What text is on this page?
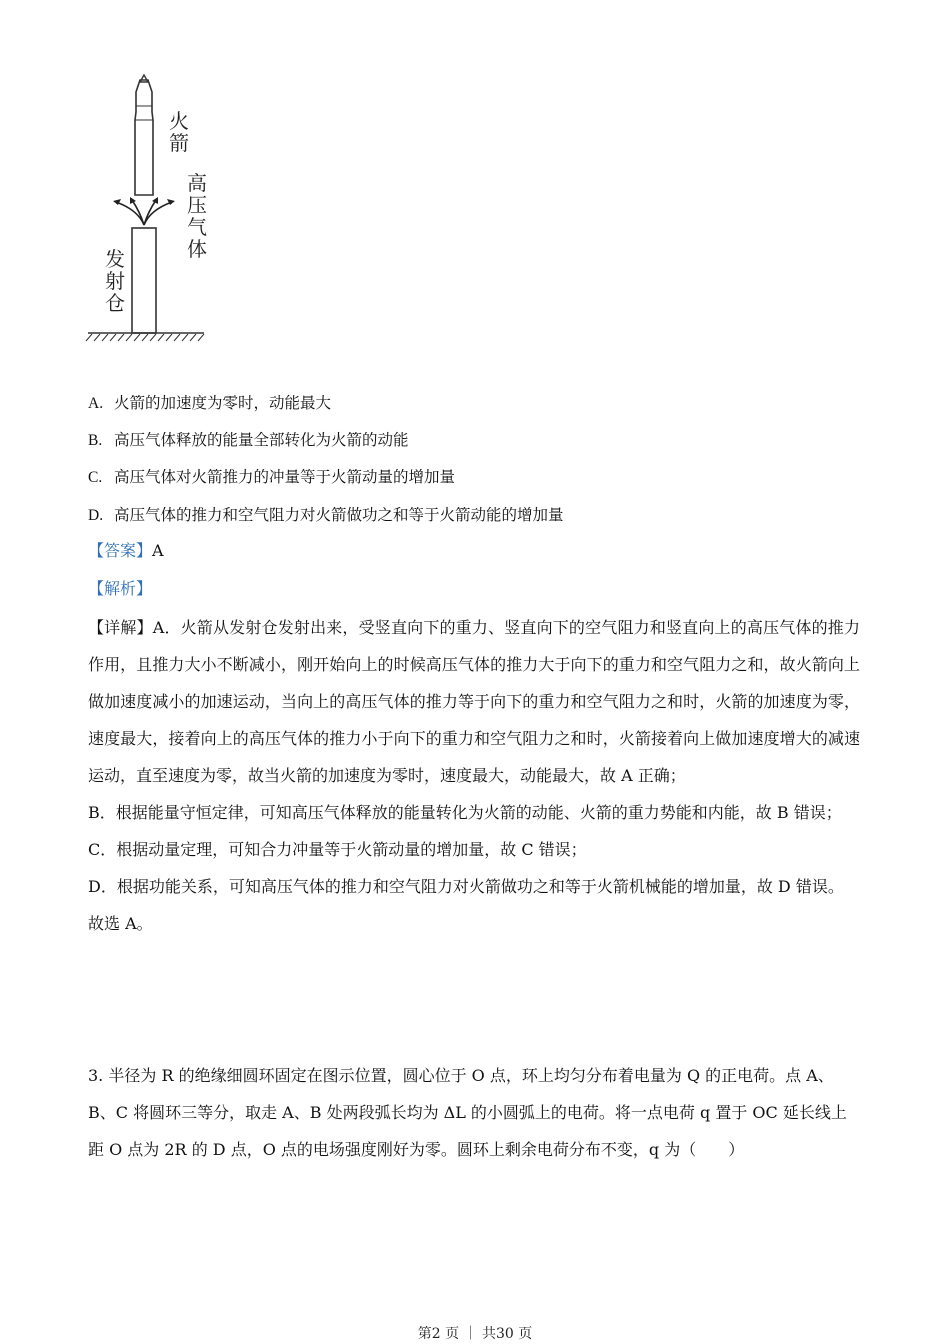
火
箭
高
压
气
体
发
射
仓
A. 火箭的加速度为零时，动能最大
B. 高压气体释放的能量全部转化为火箭的动能
C. 高压气体对火箭推力的冲量等于火箭动量的增加量
D. 高压气体的推力和空气阻力对火箭做功之和等于火箭动能的增加量
【答案】A
【解析】

【详解】A．火箭从发射仓发射出来，受竖直向下的重力、竖直向下的空气阻力和竖直向上的高压气体的推力作用，且推力大小不断减小，刚开始向上的时候高压气体的推力大于向下的重力和空气阻力之和，故火箭向上做加速度减小的加速运动，当向上的高压气体的推力等于向下的重力和空气阻力之和时，火箭的加速度为零，速度最大，接着向上的高压气体的推力小于向下的重力和空气阻力之和时，火箭接着向上做加速度增大的减速运动，直至速度为零，故当火箭的加速度为零时，速度最大，动能最大，故 A 正确；

B．根据能量守恒定律，可知高压气体释放的能量转化为火箭的动能、火箭的重力势能和内能，故 B 错误；

C．根据动量定理，可知合力冲量等于火箭动量的增加量，故 C 错误；

D．根据功能关系，可知高压气体的推力和空气阻力对火箭做功之和等于火箭机械能的增加量，故 D 错误。

故选 A。

3. 半径为 R 的绝缘细圆环固定在图示位置，圆心位于 O 点，环上均匀分布着电量为 Q 的正电荷。点 A、B、C 将圆环三等分，取走 A、B 处两段弧长均为 ΔL 的小圆弧上的电荷。将一点电荷 q 置于 OC 延长线上距 O 点为 2R 的 D 点，O 点的电场强度刚好为零。圆环上剩余电荷分布不变，q 为（　　）

第2 页 ｜ 共30 页
